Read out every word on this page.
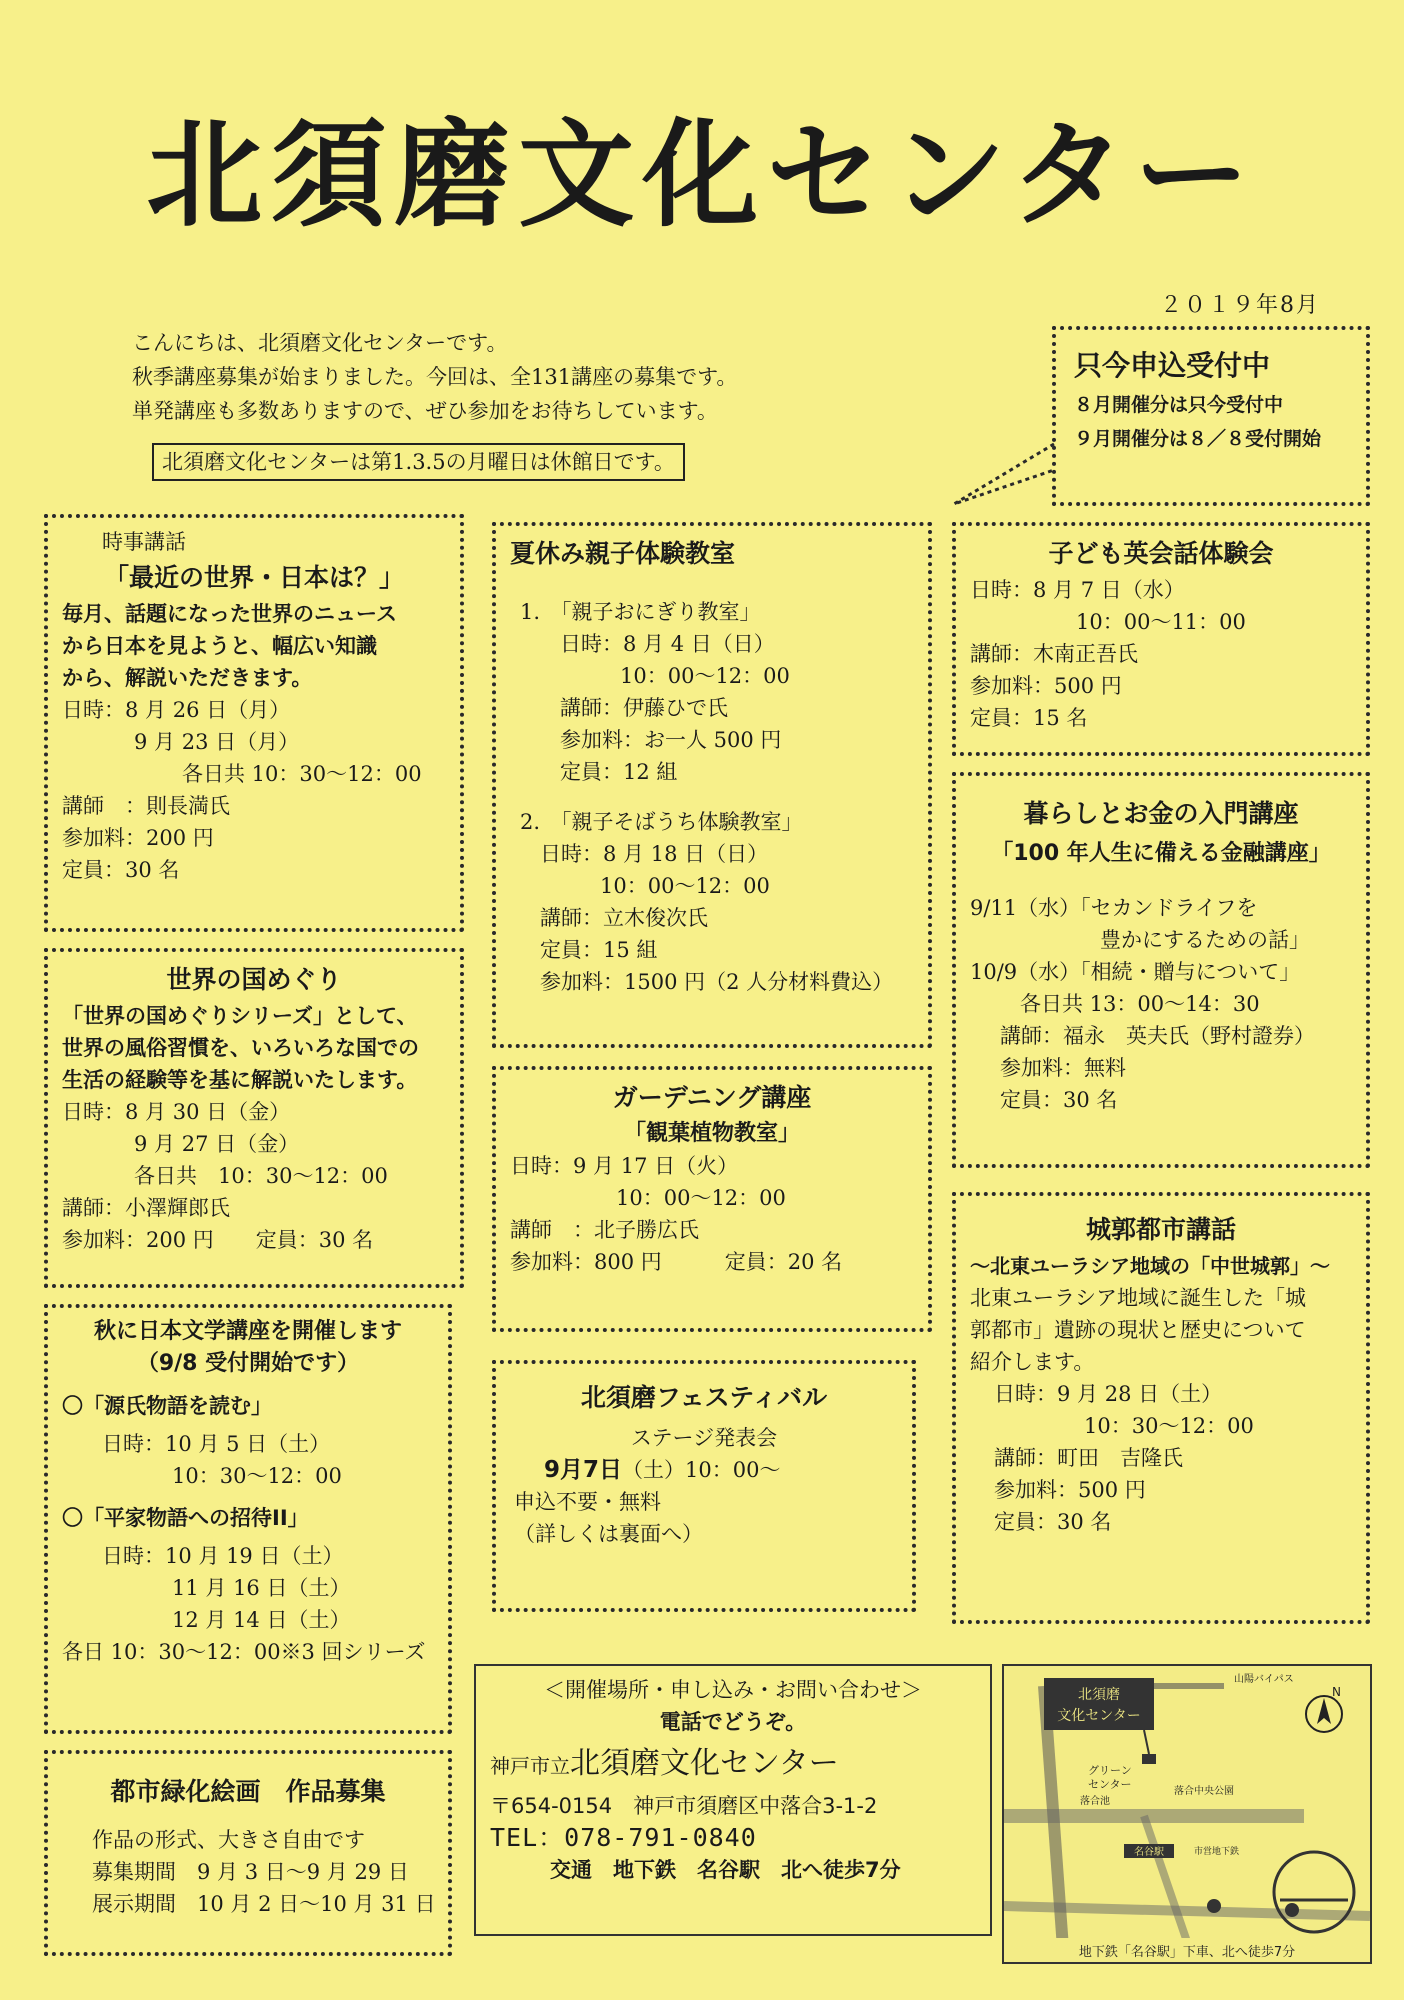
北須磨文化センター
２０１９年8月
こんにちは、北須磨文化センターです。
秋季講座募集が始まりました。今回は、全131講座の募集です。
単発講座も多数ありますので、ぜひ参加をお待ちしています。
北須磨文化センターは第1.3.5の月曜日は休館日です。
只今申込受付中
８月開催分は只今受付中
９月開催分は８／８受付開始
時事講話
「最近の世界・日本は？」
毎月、話題になった世界のニュース
から日本を見ようと、幅広い知識
から、解説いただきます。
日時：8 月 26 日（月）
9 月 23 日（月）
各日共 10：30〜12：00
講師　：則長満氏
参加料：200 円
定員：30 名
世界の国めぐり
「世界の国めぐりシリーズ」として、
世界の風俗習慣を、いろいろな国での
生活の経験等を基に解説いたします。
日時：8 月 30 日（金）
9 月 27 日（金）
各日共　10：30〜12：00
講師：小澤輝郎氏
参加料：200 円　　定員：30 名
秋に日本文学講座を開催します
（9/8 受付開始です）
〇「源氏物語を読む」
日時：10 月 5 日（土）
10：30〜12：00
〇「平家物語への招待II」
日時：10 月 19 日（土）
11 月 16 日（土）
12 月 14 日（土）
各日 10：30〜12：00※3 回シリーズ
都市緑化絵画　作品募集
作品の形式、大きさ自由です
募集期間　9 月 3 日〜9 月 29 日
展示期間　10 月 2 日〜10 月 31 日
夏休み親子体験教室
1.　「親子おにぎり教室」
日時：8 月 4 日（日）
10：00〜12：00
講師：伊藤ひで氏
参加料：お一人 500 円
定員：12 組
2.　「親子そばうち体験教室」
日時：8 月 18 日（日）
10：00〜12：00
講師：立木俊次氏
定員：15 組
参加料：1500 円（2 人分材料費込）
ガーデニング講座
「観葉植物教室」
日時：9 月 17 日（火）
10：00〜12：00
講師　：北子勝広氏
参加料：800 円　　　定員：20 名
北須磨フェスティバル
ステージ発表会
9月7日（土）10：00〜
申込不要・無料
（詳しくは裏面へ）
子ども英会話体験会
日時：8 月 7 日（水）
10：00〜11：00
講師：木南正吾氏
参加料：500 円
定員：15 名
暮らしとお金の入門講座
「100 年人生に備える金融講座」
9/11（水）「セカンドライフを
豊かにするための話」
10/9（水）「相続・贈与について」
各日共 13：00〜14：30
講師：福永　英夫氏（野村證券）
参加料：無料
定員：30 名
城郭都市講話
〜北東ユーラシア地域の「中世城郭」〜
北東ユーラシア地域に誕生した「城
郭都市」遺跡の現状と歴史について
紹介します。
日時：9 月 28 日（土）
10：30〜12：00
講師：町田　吉隆氏
参加料：500 円
定員：30 名
＜開催場所・申し込み・お問い合わせ＞
電話でどうぞ。
神戸市立北須磨文化センター
〒654-0154　神戸市須磨区中落合3-1-2
TEL：078-791-0840
交通　地下鉄　名谷駅　北へ徒歩7分
北須磨
文化センター
山陽バイパス
N
グリーン
センター
落合中央公園
落合池
名谷駅	市営地下鉄
地下鉄「名谷駅」下車、北へ徒歩7分
